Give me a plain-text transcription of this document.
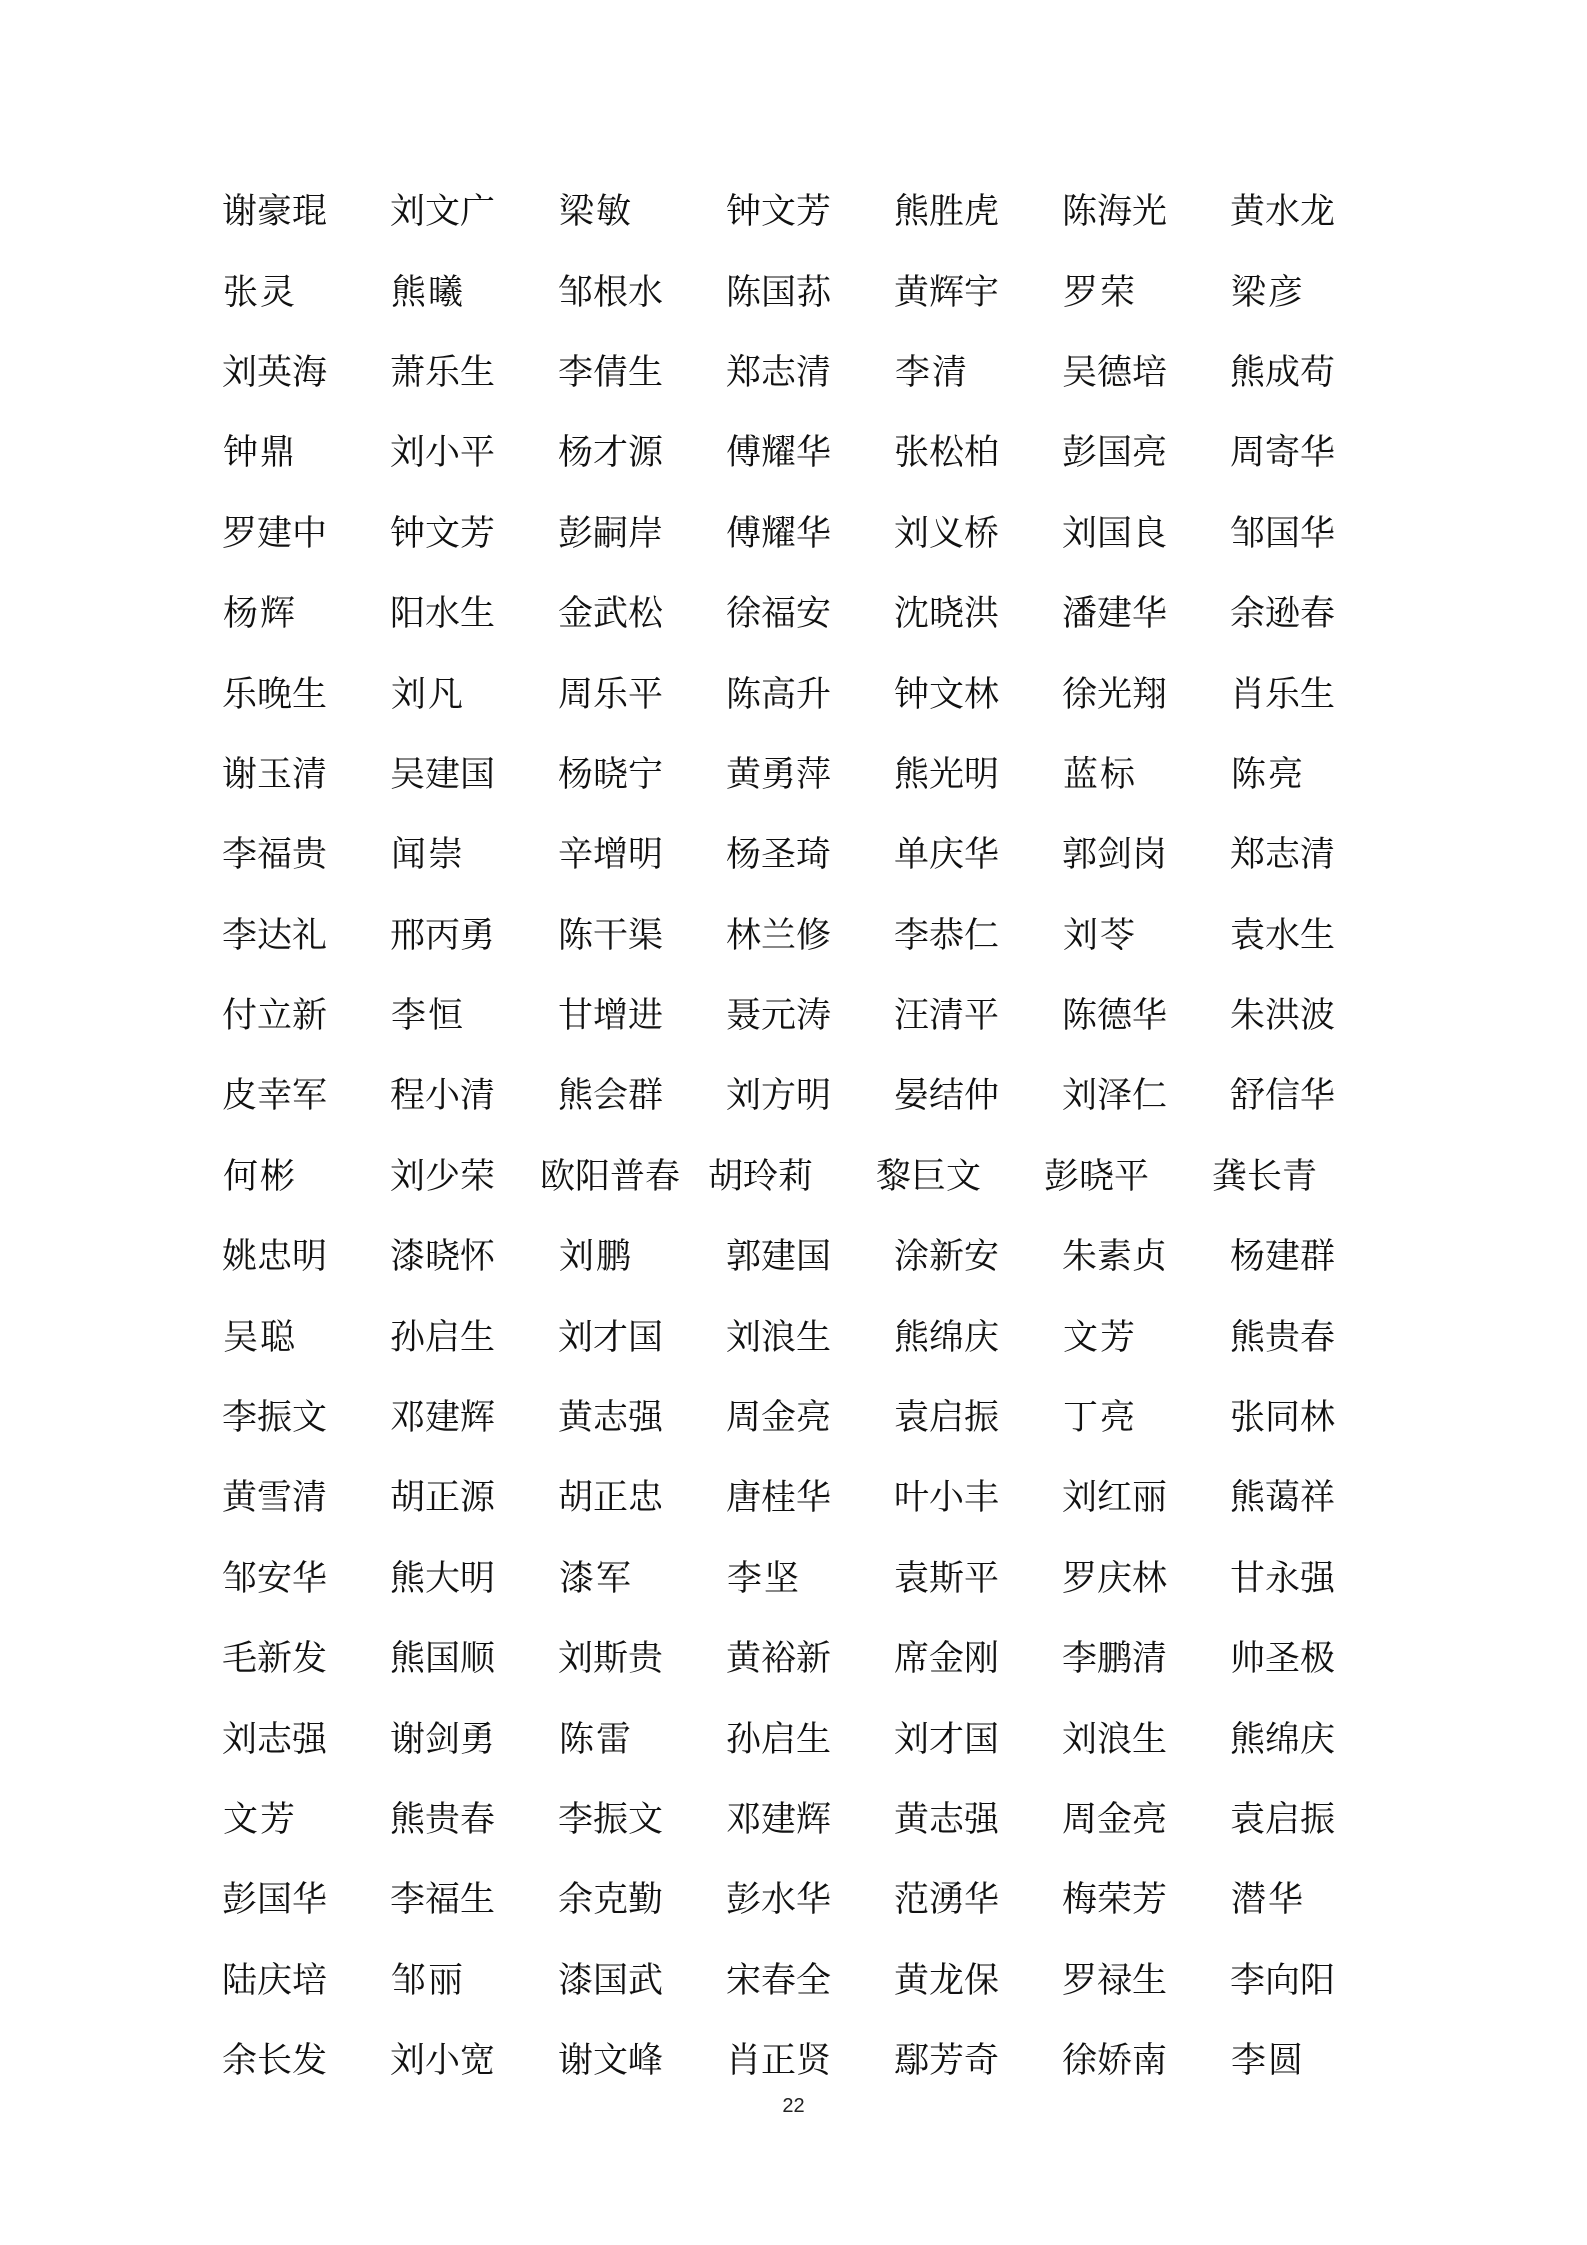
谢豪琨	刘文广	梁 敏	钟文芳	熊胜虎	陈海光	黄水龙
张 灵	熊 曦	邹根水	陈国荪	黄辉宇	罗 荣	梁 彦
刘英海	萧乐生	李倩生	郑志清	李 清	吴德培	熊成苟
钟 鼎	刘小平	杨才源	傅耀华	张松柏	彭国亮	周寄华
罗建中	钟文芳	彭嗣岸	傅耀华	刘义桥	刘国良	邹国华
杨 辉	阳水生	金武松	徐福安	沈晓洪	潘建华	余逊春
乐晚生	刘 凡	周乐平	陈高升	钟文林	徐光翔	肖乐生
谢玉清	吴建国	杨晓宁	黄勇萍	熊光明	蓝 标	陈 亮
李福贵	闻 崇	辛增明	杨圣琦	单庆华	郭剑岗	郑志清
李达礼	邢丙勇	陈干渠	林兰修	李恭仁	刘 苓	袁水生
付立新	李 恒	甘增进	聂元涛	汪清平	陈德华	朱洪波
皮幸军	程小清	熊会群	刘方明	晏结仲	刘泽仁	舒信华
何 彬	刘少荣	欧阳普春 胡玲莉	黎巨文	彭晓平	龚长青
姚忠明	漆晓怀	刘 鹏	郭建国	涂新安	朱素贞	杨建群
吴 聪	孙启生	刘才国	刘浪生	熊绵庆	文 芳	熊贵春
李振文	邓建辉	黄志强	周金亮	袁启振	丁 亮	张同林
黄雪清	胡正源	胡正忠	唐桂华	叶小丰	刘红丽	熊蔼祥
邹安华	熊大明	漆 军	李 坚	袁斯平	罗庆林	甘永强
毛新发	熊国顺	刘斯贵	黄裕新	席金刚	李鹏清	帅圣极
刘志强	谢剑勇	陈 雷	孙启生	刘才国	刘浪生	熊绵庆
文 芳	熊贵春	李振文	邓建辉	黄志强	周金亮	袁启振
彭国华	李福生	余克勤	彭水华	范湧华	梅荣芳	潜 华
陆庆培	邹 丽	漆国武	宋春全	黄龙保	罗禄生	李向阳
余长发	刘小宽	谢文峰	肖正贤	鄢芳奇	徐娇南	李 圆
22
